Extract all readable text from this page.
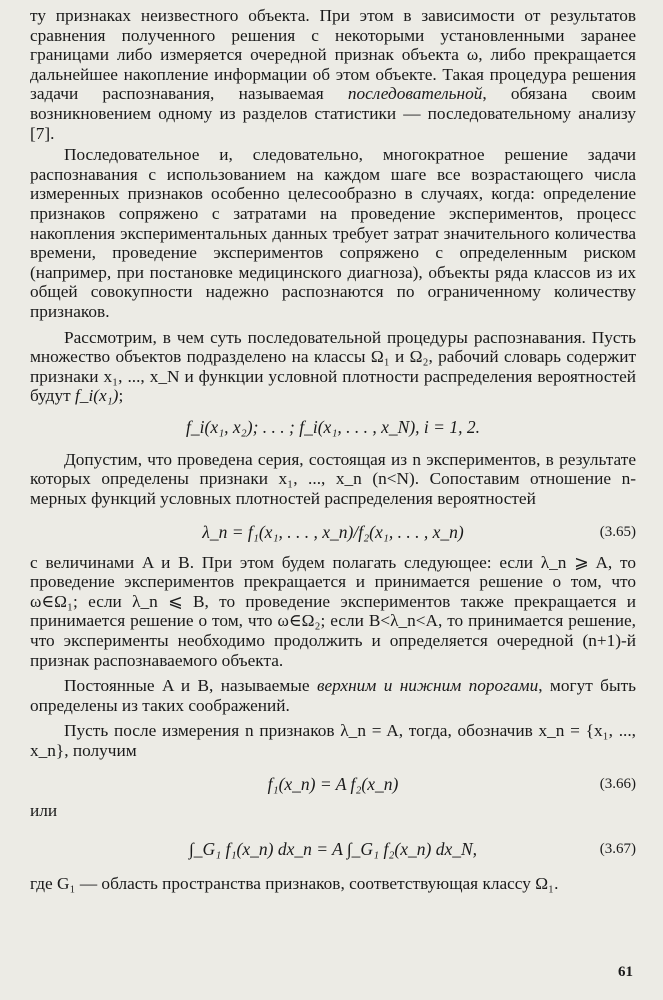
ту признаках неизвестного объекта. При этом в зависимости от результатов сравнения полученного решения с некоторыми установленными заранее границами либо измеряется очередной признак объекта ω, либо прекращается дальнейшее накопление информации об этом объекте. Такая процедура решения задачи распознавания, называемая последовательной, обязана своим возникновением одному из разделов статистики — последовательному анализу [7].

Последовательное и, следовательно, многократное решение задачи распознавания с использованием на каждом шаге все возрастающего числа измеренных признаков особенно целесообразно в случаях, когда: определение признаков сопряжено с затратами на проведение экспериментов, процесс накопления экспериментальных данных требует затрат значительного количества времени, проведение экспериментов сопряжено с определенным риском (например, при постановке медицинского диагноза), объекты ряда классов из их общей совокупности надежно распознаются по ограниченному количеству признаков.

Рассмотрим, в чем суть последовательной процедуры распознавания. Пусть множество объектов подразделено на классы Ω₁ и Ω₂, рабочий словарь содержит признаки x₁, ..., x_N и функции условной плотности распределения вероятностей будут f_i(x₁);

f_i(x₁, x₂); . . . ; f_i(x₁, . . . , x_N), i = 1, 2.

Допустим, что проведена серия, состоящая из n экспериментов, в результате которых определены признаки x₁, ..., x_n (n<N). Сопоставим отношение n-мерных функций условных плотностей распределения вероятностей

λ_n = f₁(x₁, . . . , x_n)/f₂(x₁, . . . , x_n)	(3.65)

с величинами A и B. При этом будем полагать следующее: если λ_n ⩾ A, то проведение экспериментов прекращается и принимается решение о том, что ω∈Ω₁; если λ_n ⩽ B, то проведение экспериментов также прекращается и принимается решение о том, что ω∈Ω₂; если B<λ_n<A, то принимается решение, что эксперименты необходимо продолжить и определяется очередной (n+1)-й признак распознаваемого объекта.

Постоянные A и B, называемые верхним и нижним порогами, могут быть определены из таких соображений.

Пусть после измерения n признаков λ_n = A, тогда, обозначив x_n = {x₁, ..., x_n}, получим

f₁(x_n) = A f₂(x_n)	(3.66)

или

∫_G₁ f₁(x_n) dx_n = A ∫_G₁ f₂(x_n) dx_N,	(3.67)

где G₁ — область пространства признаков, соответствующая классу Ω₁.

61
